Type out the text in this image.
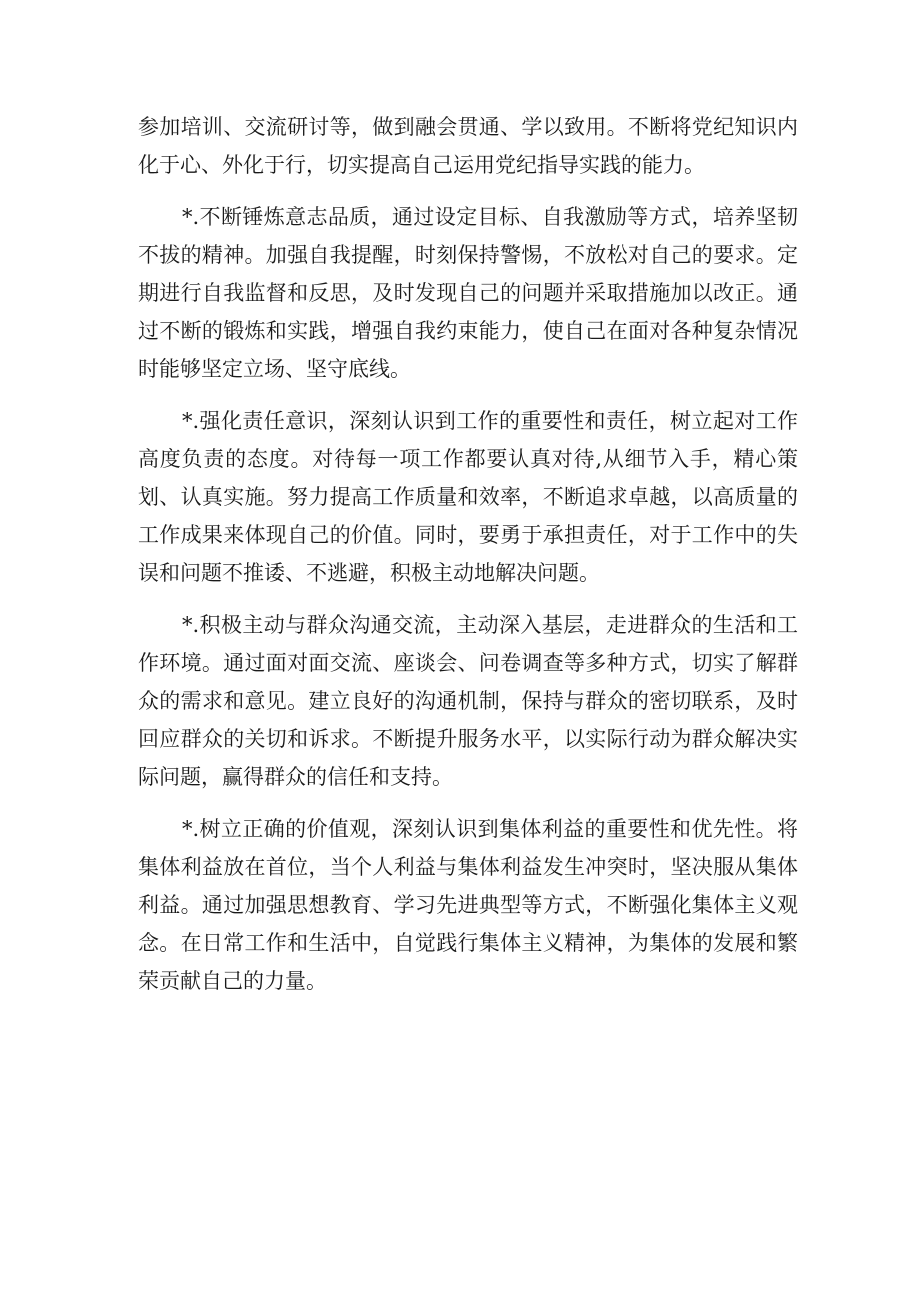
参加培训、交流研讨等，做到融会贯通、学以致用。不断将党纪知识内化于心、外化于行，切实提高自己运用党纪指导实践的能力。

*.不断锤炼意志品质，通过设定目标、自我激励等方式，培养坚韧不拔的精神。加强自我提醒，时刻保持警惕，不放松对自己的要求。定期进行自我监督和反思，及时发现自己的问题并采取措施加以改正。通过不断的锻炼和实践，增强自我约束能力，使自己在面对各种复杂情况时能够坚定立场、坚守底线。

*.强化责任意识，深刻认识到工作的重要性和责任，树立起对工作高度负责的态度。对待每一项工作都要认真对待,从细节入手，精心策划、认真实施。努力提高工作质量和效率，不断追求卓越，以高质量的工作成果来体现自己的价值。同时，要勇于承担责任，对于工作中的失误和问题不推诿、不逃避，积极主动地解决问题。

*.积极主动与群众沟通交流，主动深入基层，走进群众的生活和工作环境。通过面对面交流、座谈会、问卷调查等多种方式，切实了解群众的需求和意见。建立良好的沟通机制，保持与群众的密切联系，及时回应群众的关切和诉求。不断提升服务水平，以实际行动为群众解决实际问题，赢得群众的信任和支持。

*.树立正确的价值观，深刻认识到集体利益的重要性和优先性。将集体利益放在首位，当个人利益与集体利益发生冲突时，坚决服从集体利益。通过加强思想教育、学习先进典型等方式，不断强化集体主义观念。在日常工作和生活中，自觉践行集体主义精神，为集体的发展和繁荣贡献自己的力量。
